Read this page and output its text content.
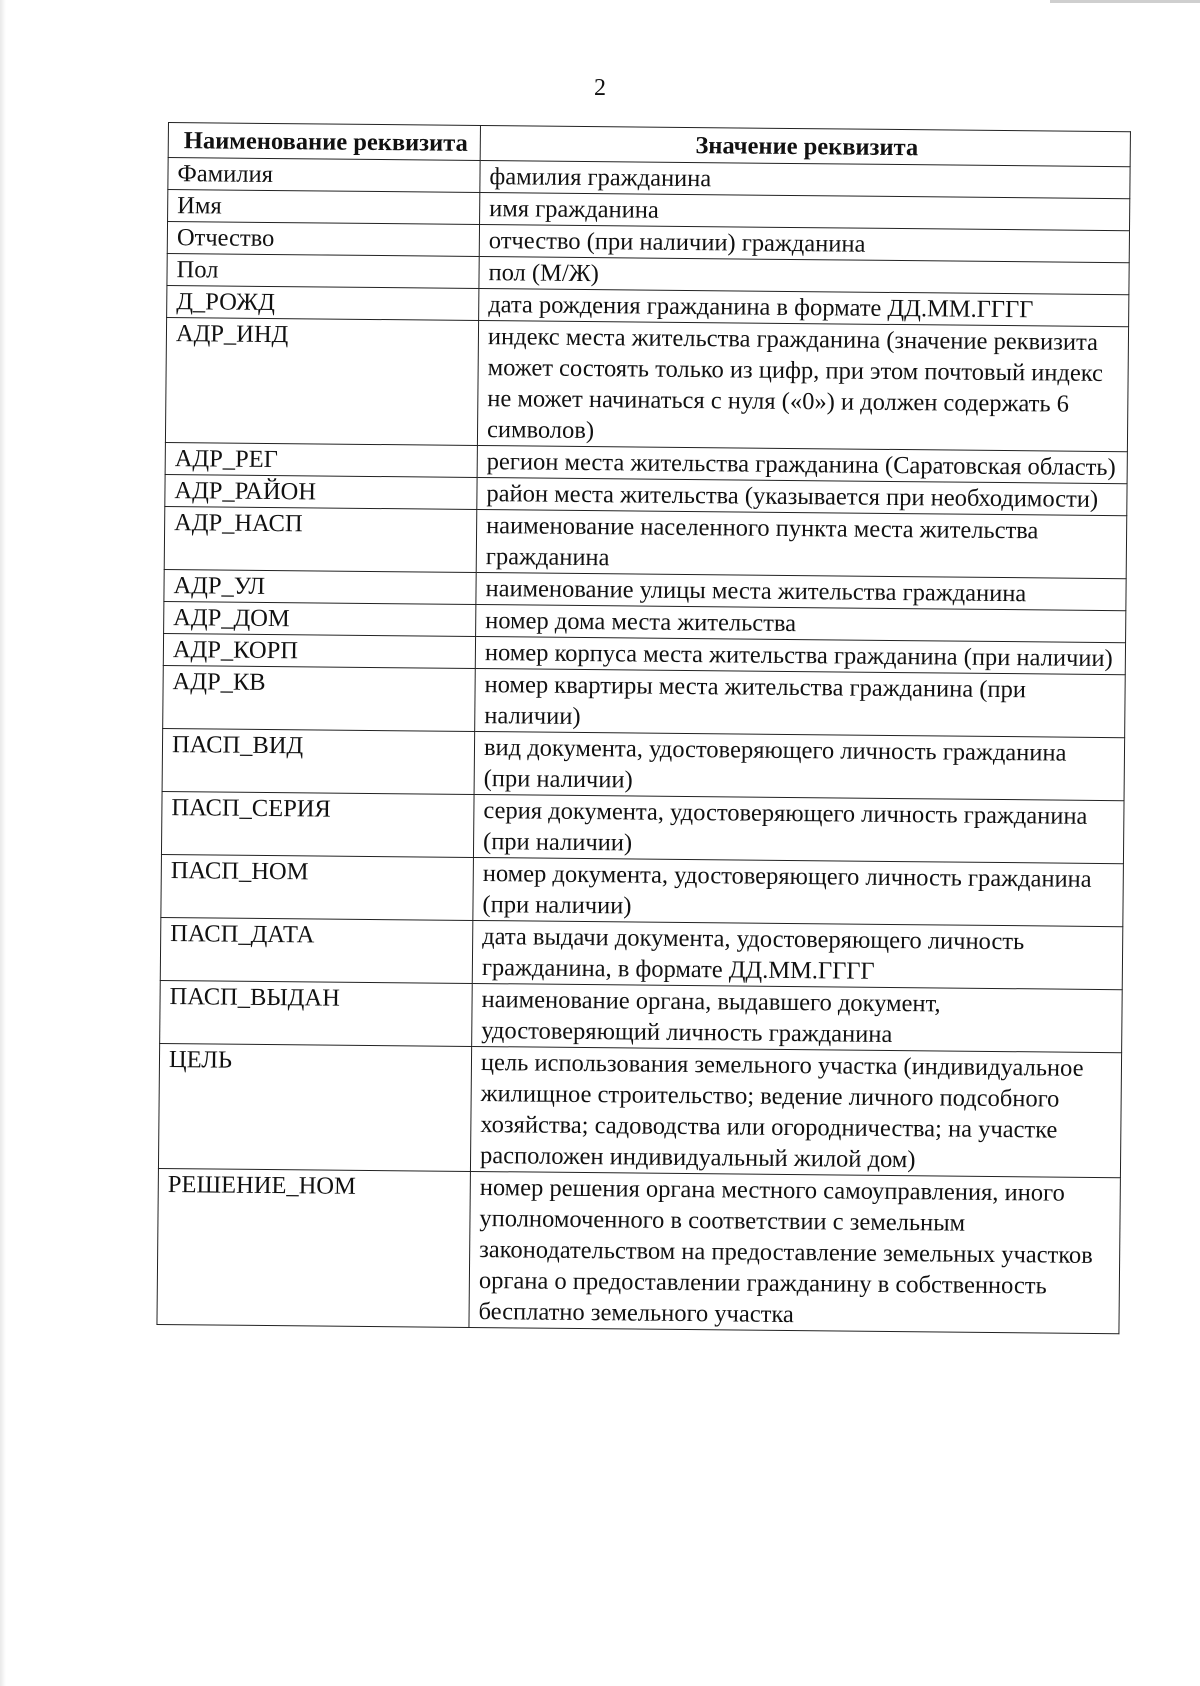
2
Наименование реквизита	Значение реквизита
Фамилия	фамилия гражданина
Имя	имя гражданина
Отчество	отчество (при наличии) гражданина
Пол	пол (М/Ж)
Д_РОЖД	дата рождения гражданина в формате ДД.ММ.ГГГГ
АДР_ИНД	индекс места жительства гражданина (значение реквизита может состоять только из цифр, при этом почтовый индекс не может начинаться с нуля («0») и должен содержать 6 символов)
АДР_РЕГ	регион места жительства гражданина (Саратовская область)
АДР_РАЙОН	район места жительства (указывается при необходимости)
АДР_НАСП	наименование населенного пункта места жительства гражданина
АДР_УЛ	наименование улицы места жительства гражданина
АДР_ДОМ	номер дома места жительства
АДР_КОРП	номер корпуса места жительства гражданина (при наличии)
АДР_КВ	номер квартиры места жительства гражданина (при наличии)
ПАСП_ВИД	вид документа, удостоверяющего личность гражданина (при наличии)
ПАСП_СЕРИЯ	серия документа, удостоверяющего личность гражданина (при наличии)
ПАСП_НОМ	номер документа, удостоверяющего личность гражданина (при наличии)
ПАСП_ДАТА	дата выдачи документа, удостоверяющего личность гражданина, в формате ДД.ММ.ГГГГ
ПАСП_ВЫДАН	наименование органа, выдавшего документ, удостоверяющий личность гражданина
ЦЕЛЬ	цель использования земельного участка (индивидуальное жилищное строительство; ведение личного подсобного хозяйства; садоводства или огородничества; на участке расположен индивидуальный жилой дом)
РЕШЕНИЕ_НОМ	номер решения органа местного самоуправления, иного уполномоченного в соответствии с земельным законодательством на предоставление земельных участков органа о предоставлении гражданину в собственность бесплатно земельного участка
